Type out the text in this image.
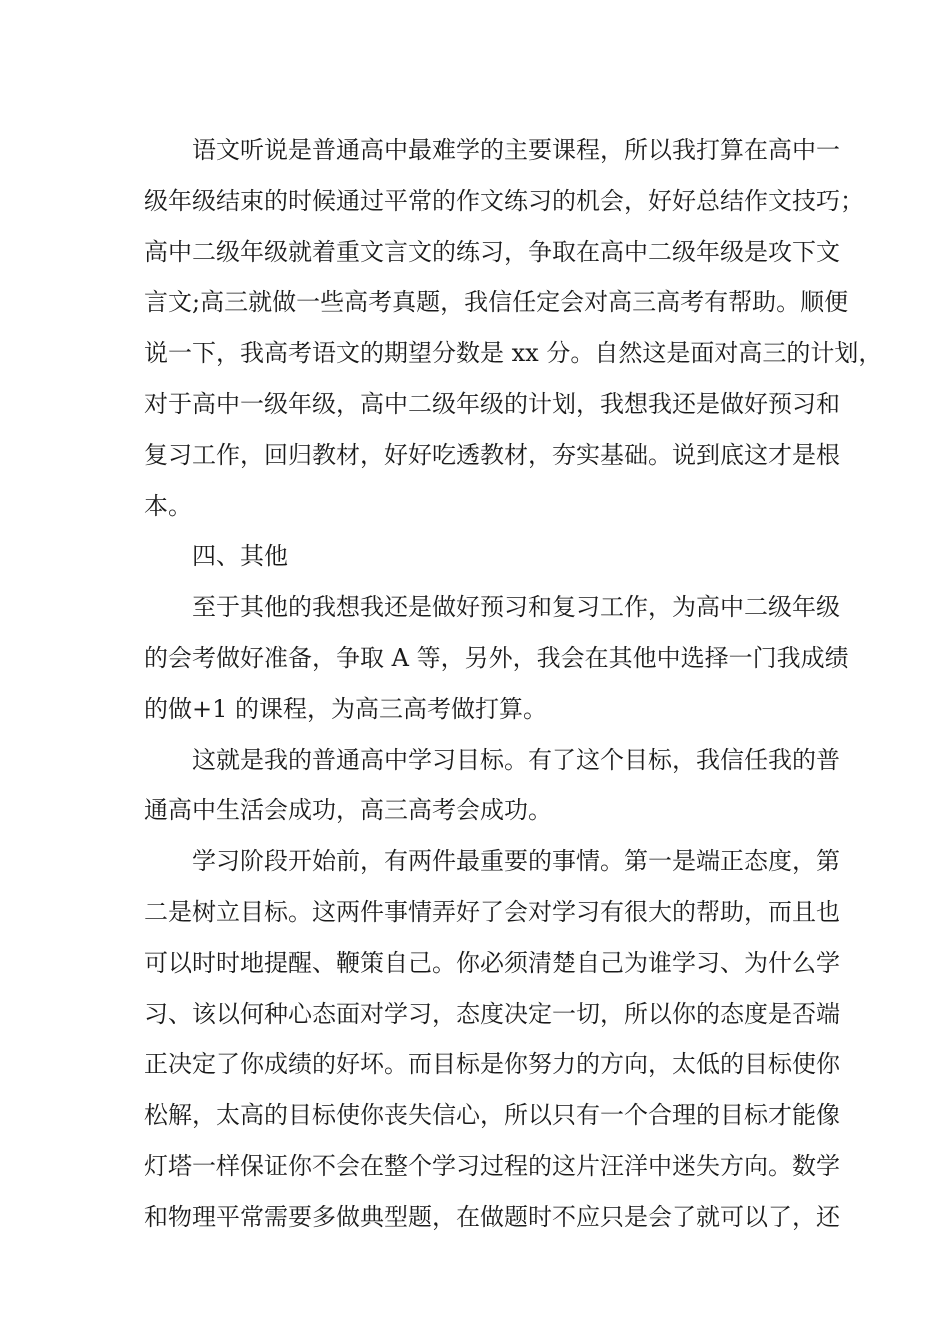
语文听说是普通高中最难学的主要课程，所以我打算在高中一
级年级结束的时候通过平常的作文练习的机会，好好总结作文技巧；
高中二级年级就着重文言文的练习，争取在高中二级年级是攻下文
言文;高三就做一些高考真题，我信任定会对高三高考有帮助。顺便
说一下，我高考语文的期望分数是 xx 分。自然这是面对高三的计划，
对于高中一级年级，高中二级年级的计划，我想我还是做好预习和
复习工作，回归教材，好好吃透教材，夯实基础。说到底这才是根
本。
四、其他
至于其他的我想我还是做好预习和复习工作，为高中二级年级
的会考做好准备，争取 A 等，另外，我会在其他中选择一门我成绩
的做+1 的课程，为高三高考做打算。
这就是我的普通高中学习目标。有了这个目标，我信任我的普
通高中生活会成功，高三高考会成功。
学习阶段开始前，有两件最重要的事情。第一是端正态度，第
二是树立目标。这两件事情弄好了会对学习有很大的帮助，而且也
可以时时地提醒、鞭策自己。你必须清楚自己为谁学习、为什么学
习、该以何种心态面对学习，态度决定一切，所以你的态度是否端
正决定了你成绩的好坏。而目标是你努力的方向，太低的目标使你
松解，太高的目标使你丧失信心，所以只有一个合理的目标才能像
灯塔一样保证你不会在整个学习过程的这片汪洋中迷失方向。数学
和物理平常需要多做典型题，在做题时不应只是会了就可以了，还
